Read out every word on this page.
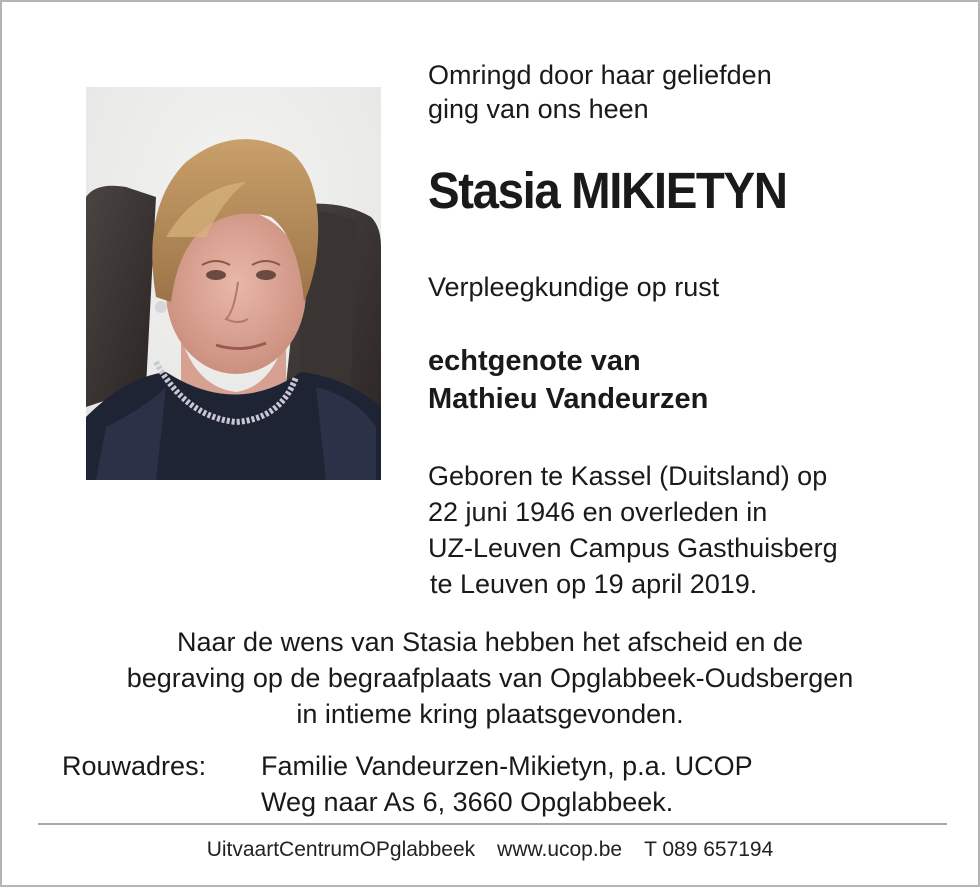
Omringd door haar geliefden
ging van ons heen
Stasia MIKIETYN
Verpleegkundige op rust
echtgenote van
Mathieu Vandeurzen
Geboren te Kassel (Duitsland) op
22 juni 1946 en overleden in
UZ-Leuven Campus Gasthuisberg
te Leuven op 19 april 2019.
Naar de wens van Stasia hebben het afscheid en de
begraving op de begraafplaats van Opglabbeek-Oudsbergen
in intieme kring plaatsgevonden.
Rouwadres: Familie Vandeurzen-Mikietyn, p.a. UCOP
Weg naar As 6, 3660 Opglabbeek.
UitvaartCentrumOPglabbeek www.ucop.be T 089 657194
